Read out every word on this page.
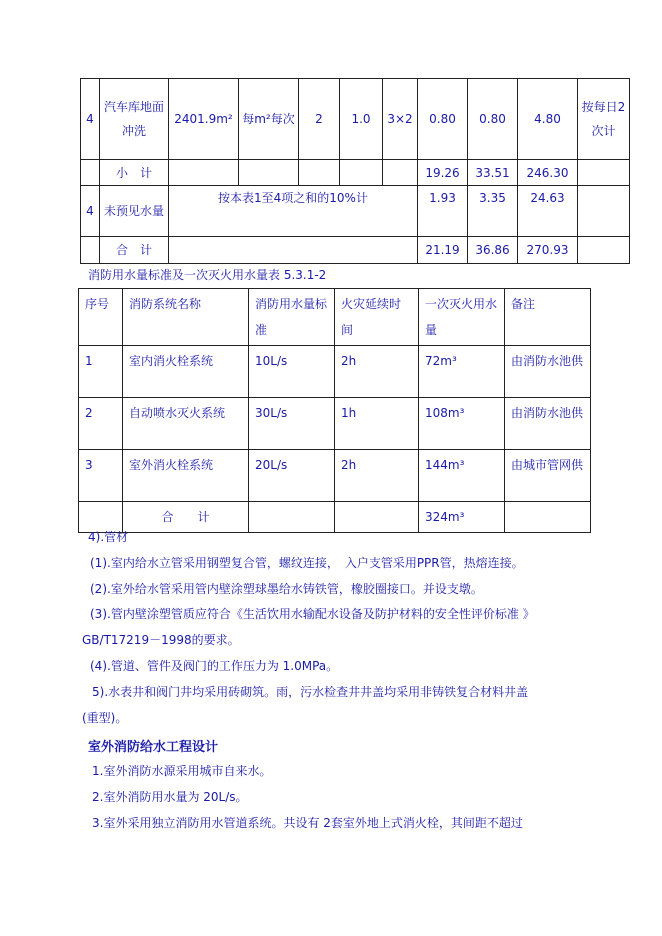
4	汽车库地面冲洗	2401.9m²	每m²每次	2	1.0	3×2	0.80	0.80	4.80	按每日2次计
	小　计						19.26	33.51	246.30	
4	未预见水量	按本表1至4项之和的10%计					1.93	3.35	24.63	
	合　计						21.19	36.86	270.93	
消防用水量标准及一次灭火用水量表 5.3.1-2
序号	消防系统名称	消防用水量标准	火灾延续时间	一次灭火用水量	备注
1	室内消火栓系统	10L/s	2h	72m³	由消防水池供
2	自动喷水灭火系统	30L/s	1h	108m³	由消防水池供
3	室外消火栓系统	20L/s	2h	144m³	由城市管网供
	合　　计			324m³	
4).管材
(1).室内给水立管采用钢塑复合管，螺纹连接，　入户支管采用PPR管，热熔连接。
(2).室外给水管采用管内壁涂塑球墨给水铸铁管，橡胶圈接口。并设支墩。
(3).管内壁涂塑管质应符合《生活饮用水输配水设备及防护材料的安全性评价标准 》
GB/T17219－1998的要求。
(4).管道、管件及阀门的工作压力为 1.0MPa。
5).水表井和阀门井均采用砖砌筑。雨，污水检查井井盖均采用非铸铁复合材料井盖
(重型)。
室外消防给水工程设计
1.室外消防水源采用城市自来水。
2.室外消防用水量为 20L/s。
3.室外采用独立消防用水管道系统。共设有 2套室外地上式消火栓，其间距不超过
